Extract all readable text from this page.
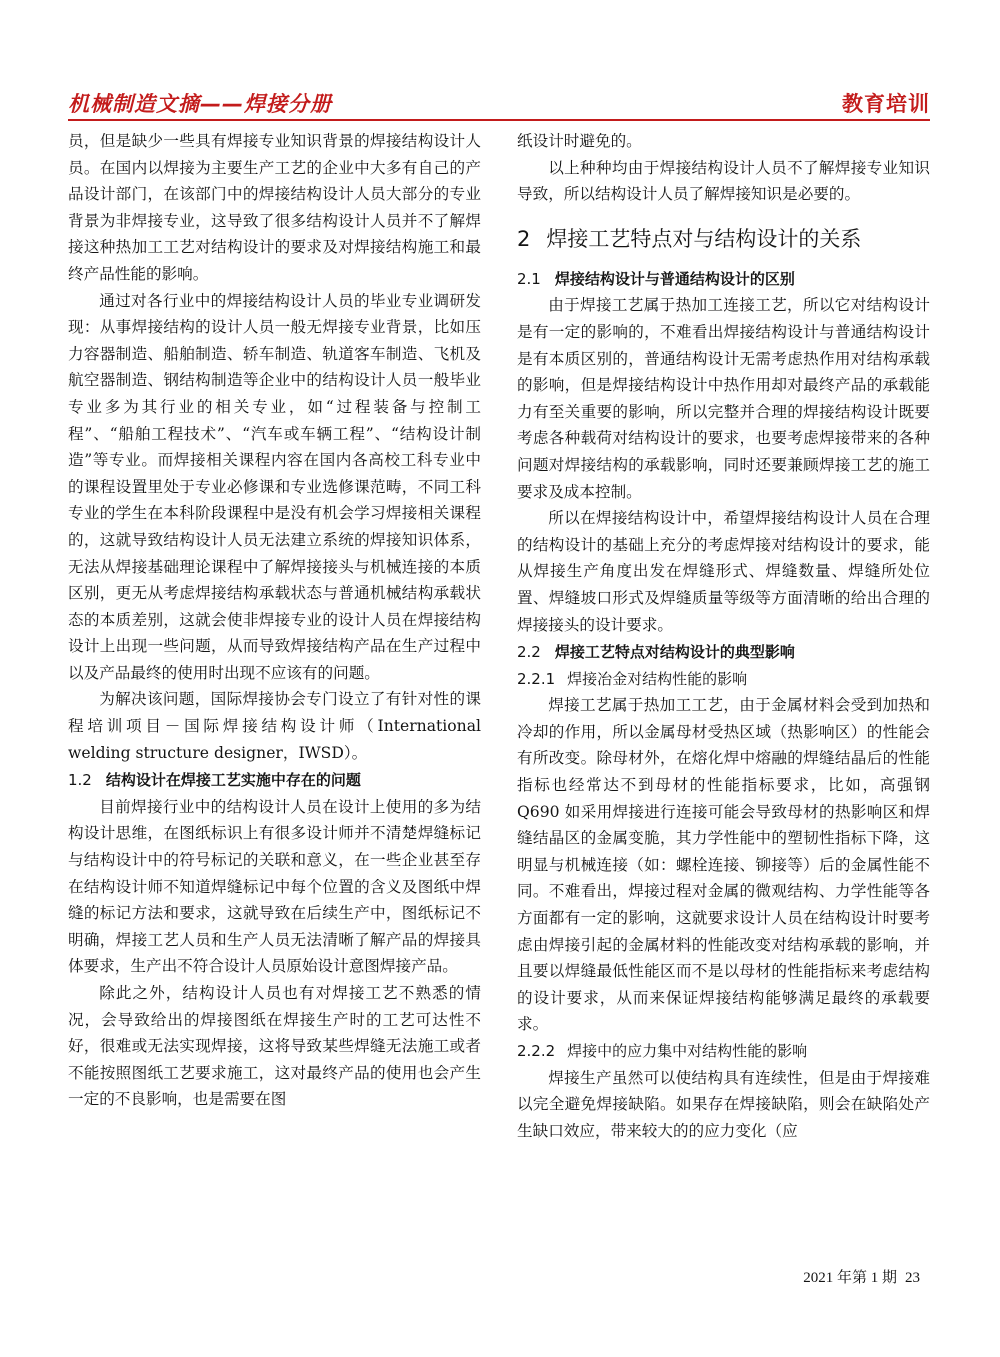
机械制造文摘——焊接分册	教育培训

员，但是缺少一些具有焊接专业知识背景的焊接结构设计人员。在国内以焊接为主要生产工艺的企业中大多有自己的产品设计部门，在该部门中的焊接结构设计人员大部分的专业背景为非焊接专业，这导致了很多结构设计人员并不了解焊接这种热加工工艺对结构设计的要求及对焊接结构施工和最终产品性能的影响。

通过对各行业中的焊接结构设计人员的毕业专业调研发现：从事焊接结构的设计人员一般无焊接专业背景，比如压力容器制造、船舶制造、轿车制造、轨道客车制造、飞机及航空器制造、钢结构制造等企业中的结构设计人员一般毕业专业多为其行业的相关专业，如“过程装备与控制工程”、“船舶工程技术”、“汽车或车辆工程”、“结构设计制造”等专业。而焊接相关课程内容在国内各高校工科专业中的课程设置里处于专业必修课和专业选修课范畴，不同工科专业的学生在本科阶段课程中是没有机会学习焊接相关课程的，这就导致结构设计人员无法建立系统的焊接知识体系，无法从焊接基础理论课程中了解焊接接头与机械连接的本质区别，更无从考虑焊接结构承载状态与普通机械结构承载状态的本质差别，这就会使非焊接专业的设计人员在焊接结构设计上出现一些问题，从而导致焊接结构产品在生产过程中以及产品最终的使用时出现不应该有的问题。

为解决该问题，国际焊接协会专门设立了有针对性的课程培训项目－国际焊接结构设计师（International welding structure designer，IWSD）。

1.2 结构设计在焊接工艺实施中存在的问题

目前焊接行业中的结构设计人员在设计上使用的多为结构设计思维，在图纸标识上有很多设计师并不清楚焊缝标记与结构设计中的符号标记的关联和意义，在一些企业甚至存在结构设计师不知道焊缝标记中每个位置的含义及图纸中焊缝的标记方法和要求，这就导致在后续生产中，图纸标记不明确，焊接工艺人员和生产人员无法清晰了解产品的焊接具体要求，生产出不符合设计人员原始设计意图焊接产品。

除此之外，结构设计人员也有对焊接工艺不熟悉的情况，会导致给出的焊接图纸在焊接生产时的工艺可达性不好，很难或无法实现焊接，这将导致某些焊缝无法施工或者不能按照图纸工艺要求施工，这对最终产品的使用也会产生一定的不良影响，也是需要在图

纸设计时避免的。

以上种种均由于焊接结构设计人员不了解焊接专业知识导致，所以结构设计人员了解焊接知识是必要的。

2 焊接工艺特点对与结构设计的关系
2.1 焊接结构设计与普通结构设计的区别

由于焊接工艺属于热加工连接工艺，所以它对结构设计是有一定的影响的，不难看出焊接结构设计与普通结构设计是有本质区别的，普通结构设计无需考虑热作用对结构承载的影响，但是焊接结构设计中热作用却对最终产品的承载能力有至关重要的影响，所以完整并合理的焊接结构设计既要考虑各种载荷对结构设计的要求，也要考虑焊接带来的各种问题对焊接结构的承载影响，同时还要兼顾焊接工艺的施工要求及成本控制。

所以在焊接结构设计中，希望焊接结构设计人员在合理的结构设计的基础上充分的考虑焊接对结构设计的要求，能从焊接生产角度出发在焊缝形式、焊缝数量、焊缝所处位置、焊缝坡口形式及焊缝质量等级等方面清晰的给出合理的焊接接头的设计要求。

2.2 焊接工艺特点对结构设计的典型影响
2.2.1 焊接冶金对结构性能的影响

焊接工艺属于热加工工艺，由于金属材料会受到加热和冷却的作用，所以金属母材受热区域（热影响区）的性能会有所改变。除母材外，在熔化焊中熔融的焊缝结晶后的性能指标也经常达不到母材的性能指标要求，比如，高强钢 Q690 如采用焊接进行连接可能会导致母材的热影响区和焊缝结晶区的金属变脆，其力学性能中的塑韧性指标下降，这明显与机械连接（如：螺栓连接、铆接等）后的金属性能不同。不难看出，焊接过程对金属的微观结构、力学性能等各方面都有一定的影响，这就要求设计人员在结构设计时要考虑由焊接引起的金属材料的性能改变对结构承载的影响，并且要以焊缝最低性能区而不是以母材的性能指标来考虑结构的设计要求，从而来保证焊接结构能够满足最终的承载要求。

2.2.2 焊接中的应力集中对结构性能的影响

焊接生产虽然可以使结构具有连续性，但是由于焊接难以完全避免焊接缺陷。如果存在焊接缺陷，则会在缺陷处产生缺口效应，带来较大的的应力变化（应

2021 年第 1 期 23
